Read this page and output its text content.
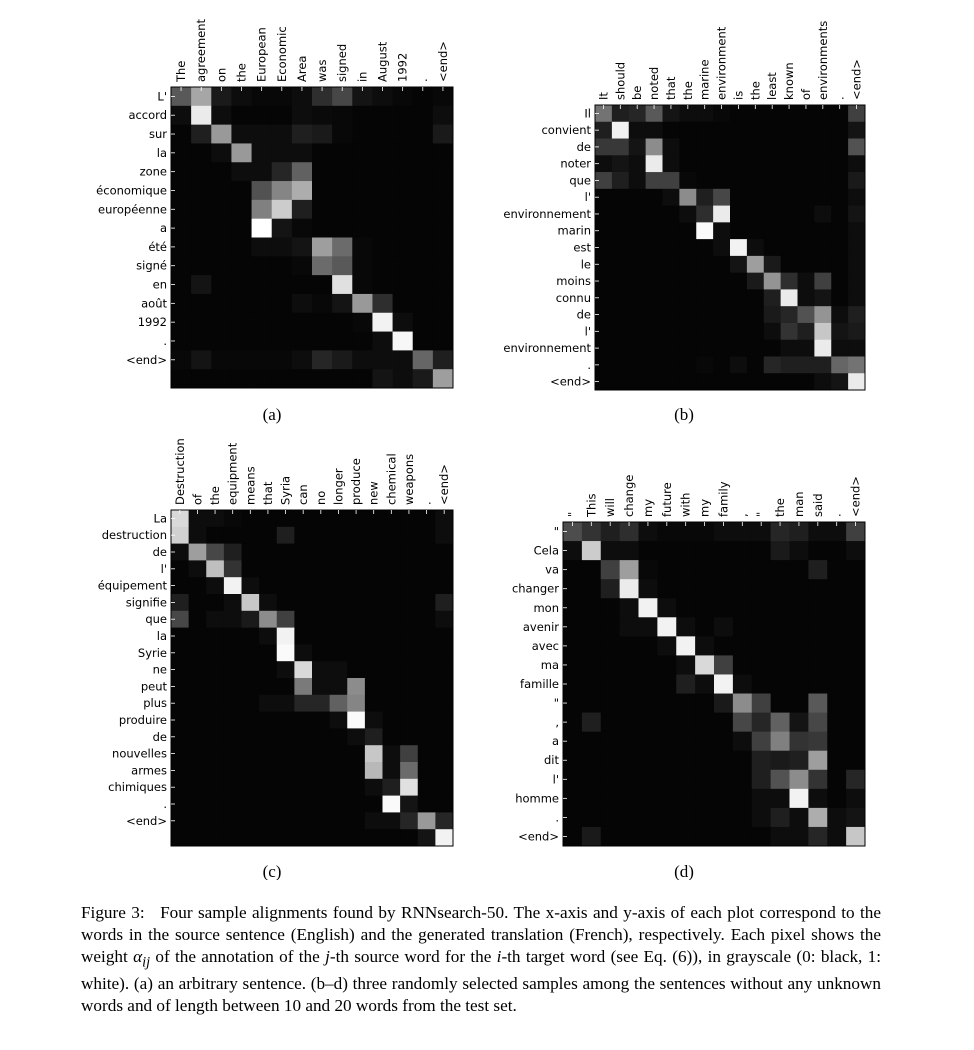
The agreement on the European Economic Area was signed in August 1992 . <end>
L'
accord
sur
la
zone
économique
européenne
a
été
signé
en
août
1992
.
<end>
(a)
It should be noted that the marine environment is the least known of environments . <end>
Il
convient
de
noter
que
l'
environnement
marin
est
le
moins
connu
de
l'
environnement
.
<end>
(b)
Destruction of the equipment means that Syria can no longer produce new chemical weapons . <end>
La
destruction
de
l'
équipement
signifie
que
la
Syrie
ne
peut
plus
produire
de
nouvelles
armes
chimiques
.
<end>
(c)
" This will change my future with my family , " the man said . <end>
"
Cela
va
changer
mon
avenir
avec
ma
famille
"
,
a
dit
l'
homme
.
<end>
(d)
Figure 3: Four sample alignments found by RNNsearch-50. The x-axis and y-axis of each plot correspond to the words in the source sentence (English) and the generated translation (French), respectively. Each pixel shows the weight $\alpha_{ij}$ of the annotation of the j-th source word for the i-th target word (see Eq. (6)), in grayscale (0: black, 1: white). (a) an arbitrary sentence. (b–d) three randomly selected samples among the sentences without any unknown words and of length between 10 and 20 words from the test set.
